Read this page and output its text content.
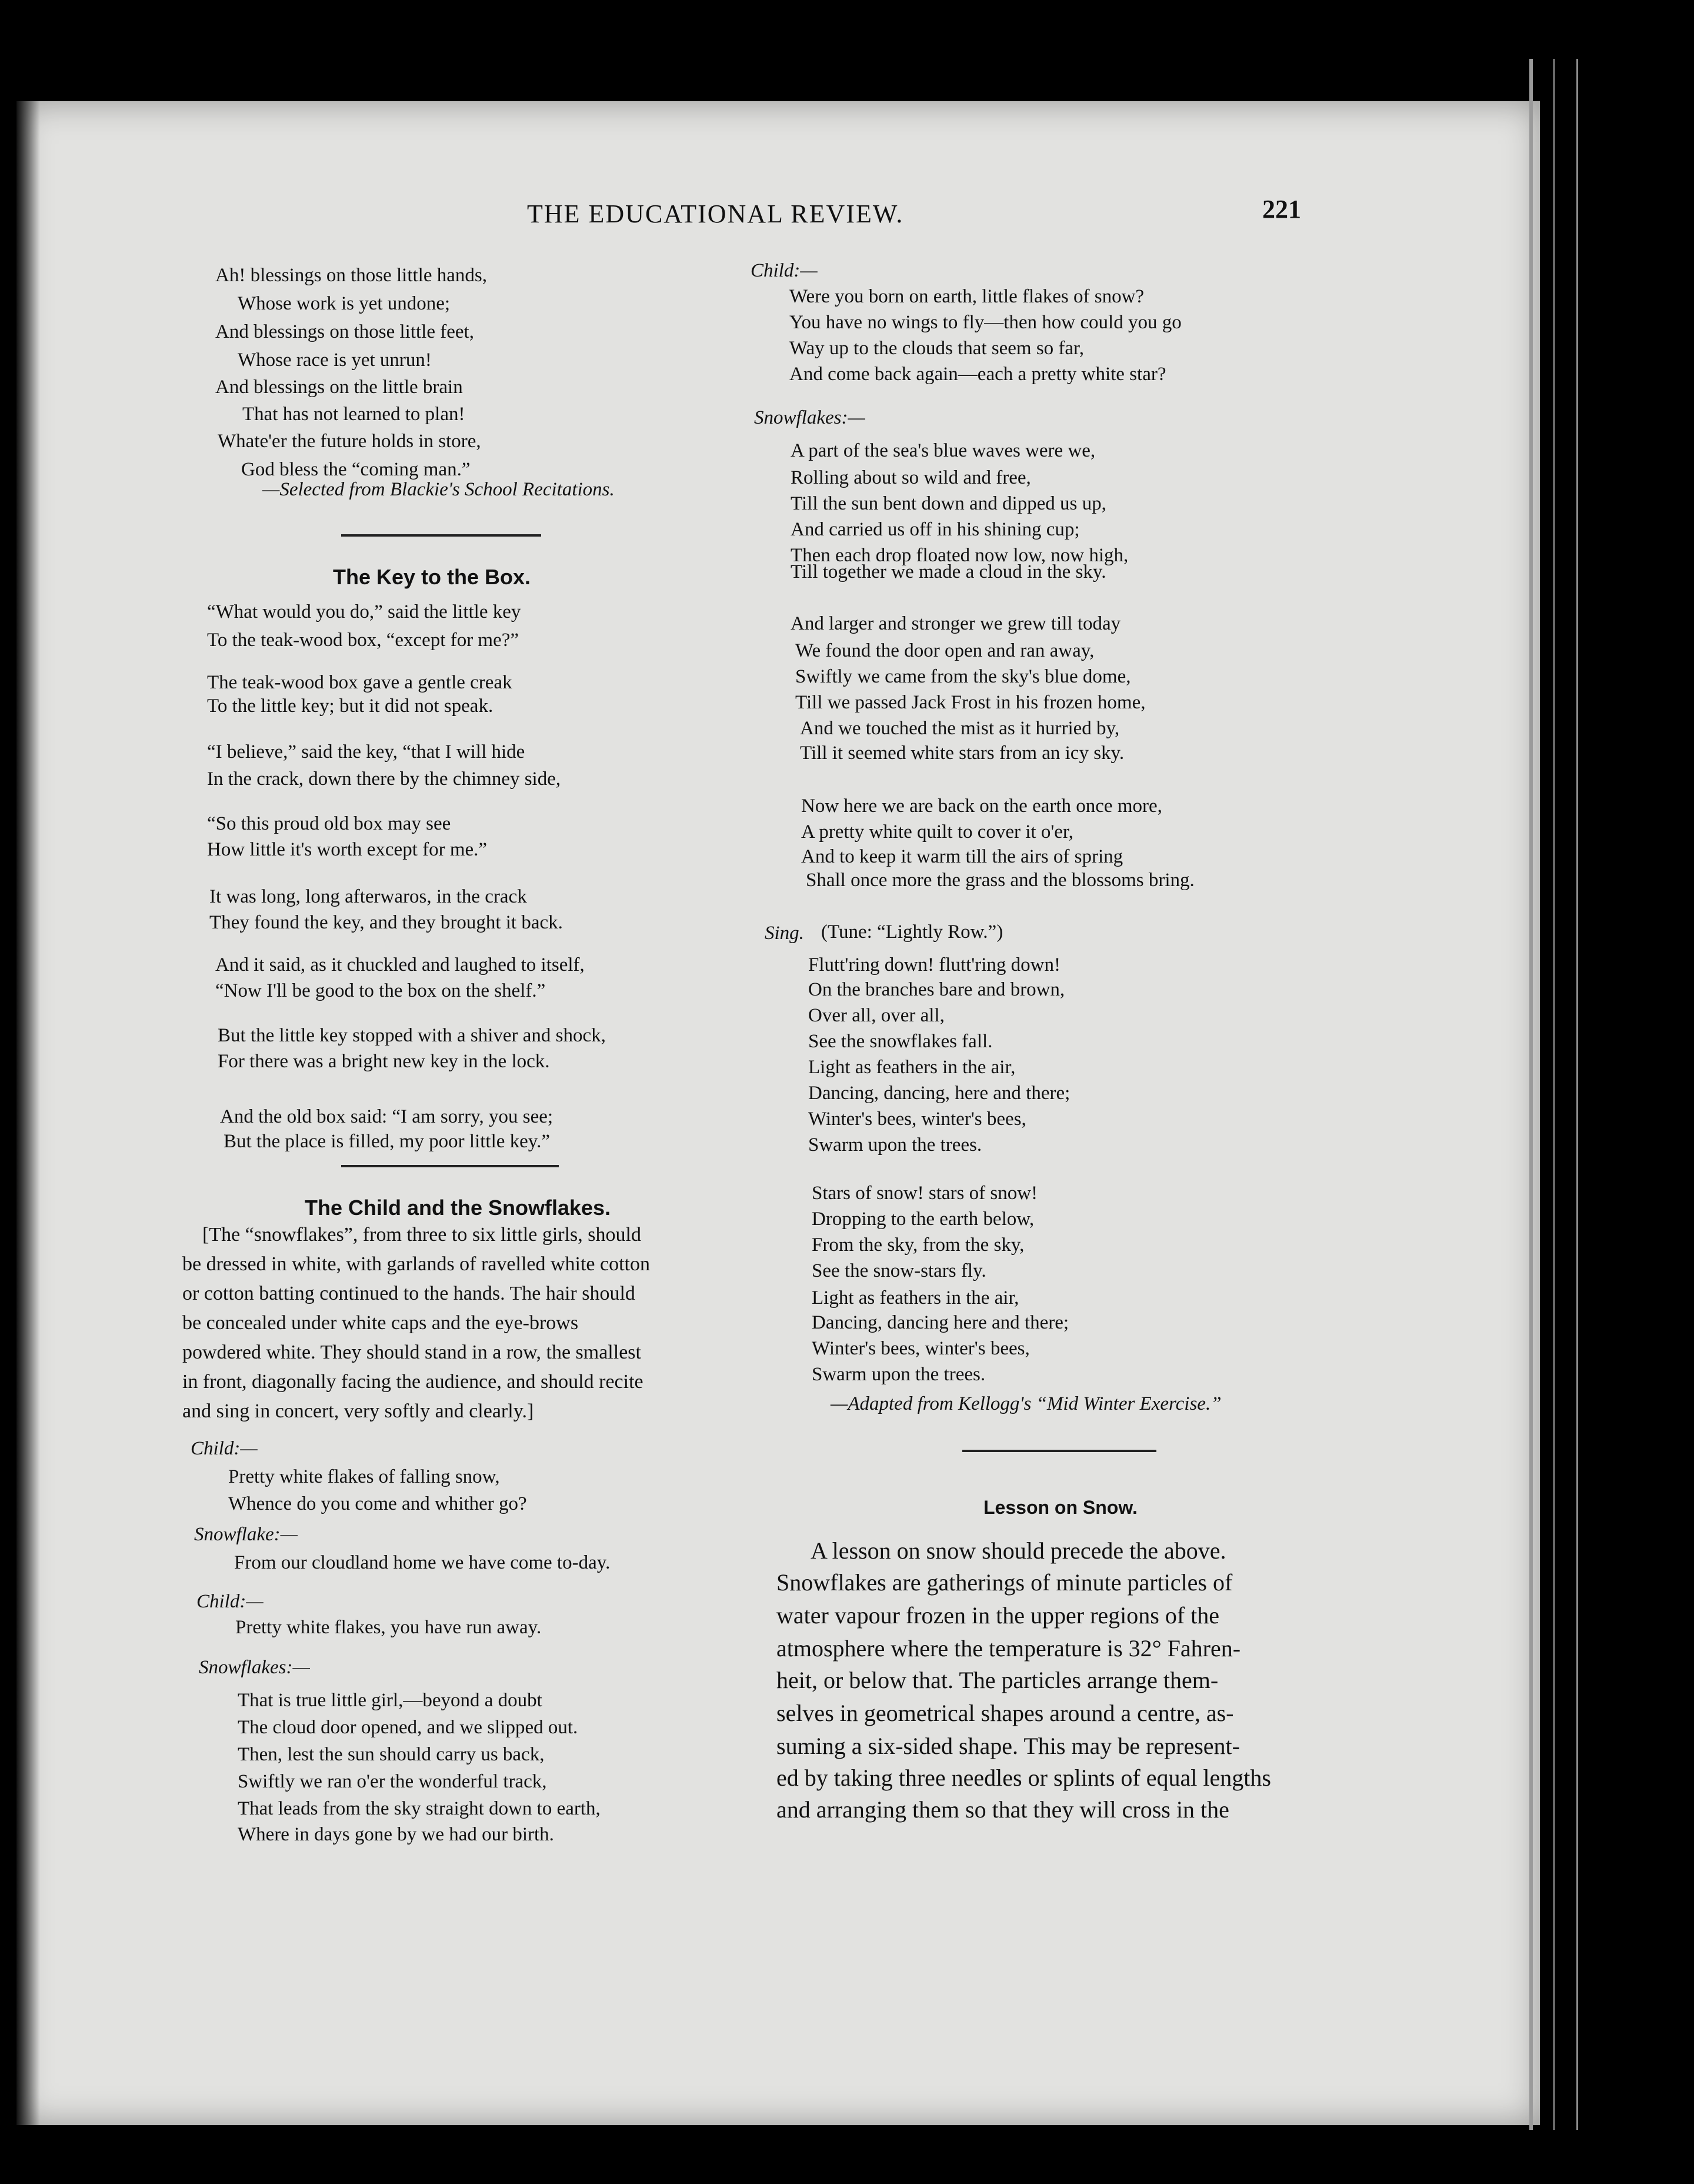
THE EDUCATIONAL REVIEW.	221
Ah! blessings on those little hands,
Whose work is yet undone;
And blessings on those little feet,
Whose race is yet unrun!
And blessings on the little brain
That has not learned to plan!
Whate'er the future holds in store,
God bless the “coming man.”
—Selected from Blackie's School Recitations.
The Key to the Box.
“What would you do,” said the little key
To the teak-wood box, “except for me?”
The teak-wood box gave a gentle creak
To the little key; but it did not speak.
“I believe,” said the key, “that I will hide
In the crack, down there by the chimney side,
“So this proud old box may see
How little it's worth except for me.”
It was long, long afterwaros, in the crack
They found the key, and they brought it back.
And it said, as it chuckled and laughed to itself,
“Now I'll be good to the box on the shelf.”
But the little key stopped with a shiver and shock,
For there was a bright new key in the lock.
And the old box said: “I am sorry, you see;
But the place is filled, my poor little key.”
The Child and the Snowflakes.
[The “snowflakes”, from three to six little girls, should
be dressed in white, with garlands of ravelled white cotton
or cotton batting continued to the hands. The hair should
be concealed under white caps and the eye-brows
powdered white. They should stand in a row, the smallest
in front, diagonally facing the audience, and should recite
and sing in concert, very softly and clearly.]
Child:—
Pretty white flakes of falling snow,
Whence do you come and whither go?
Snowflake:—
From our cloudland home we have come to-day.
Child:—
Pretty white flakes, you have run away.
Snowflakes:—
That is true little girl,—beyond a doubt
The cloud door opened, and we slipped out.
Then, lest the sun should carry us back,
Swiftly we ran o'er the wonderful track,
That leads from the sky straight down to earth,
Where in days gone by we had our birth.
Child:—
Were you born on earth, little flakes of snow?
You have no wings to fly—then how could you go
Way up to the clouds that seem so far,
And come back again—each a pretty white star?
Snowflakes:—
A part of the sea's blue waves were we,
Rolling about so wild and free,
Till the sun bent down and dipped us up,
And carried us off in his shining cup;
Then each drop floated now low, now high,
Till together we made a cloud in the sky.
And larger and stronger we grew till today
We found the door open and ran away,
Swiftly we came from the sky's blue dome,
Till we passed Jack Frost in his frozen home,
And we touched the mist as it hurried by,
Till it seemed white stars from an icy sky.
Now here we are back on the earth once more,
A pretty white quilt to cover it o'er,
And to keep it warm till the airs of spring
Shall once more the grass and the blossoms bring.
Sing. (Tune: “Lightly Row.”)
Flutt'ring down! flutt'ring down!
On the branches bare and brown,
Over all, over all,
See the snowflakes fall.
Light as feathers in the air,
Dancing, dancing, here and there;
Winter's bees, winter's bees,
Swarm upon the trees.
Stars of snow! stars of snow!
Dropping to the earth below,
From the sky, from the sky,
See the snow-stars fly.
Light as feathers in the air,
Dancing, dancing here and there;
Winter's bees, winter's bees,
Swarm upon the trees.
—Adapted from Kellogg's “Mid Winter Exercise.”
Lesson on Snow.
A lesson on snow should precede the above.
Snowflakes are gatherings of minute particles of
water vapour frozen in the upper regions of the
atmosphere where the temperature is 32° Fahren-
heit, or below that. The particles arrange them-
selves in geometrical shapes around a centre, as-
suming a six-sided shape. This may be represent-
ed by taking three needles or splints of equal lengths
and arranging them so that they will cross in the
